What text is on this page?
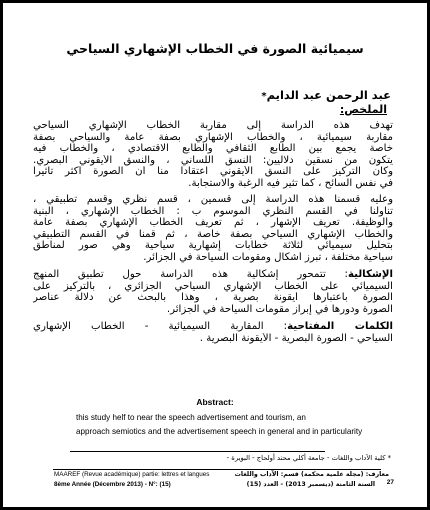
سيميائية الصورة في الخطاب الإشهاري السياحي
عبد الرحمن عبد الدايم*
الملخص:
تهدف هذه الدراسة إلى مقاربة الخطاب الإشهاري السياحي
مقاربة سيميائية ، والخطاب الإشهاري بصفة عامة والسياحي بصفة
خاصة يجمع بين الطابع الثقافي والطابع الاقتصادي ، والخطاب فيه
يتكون من نسقين دلاليين: النسق اللساني ، والنسق الأيقوني البصري.
وكان التركيز على النسق الأيقوني اعتقادا منا أن الصورة أكثر تأثيرا
في نفس السائح ، كما تثير فيه الرغبة والاستجابة.
وعليه قسمنا هذه الدراسة إلى قسمين ، قسم نظري وقسم تطبيقي ،
تناولنا في القسم النظري الموسوم ب : الخطاب الإشهاري ، البنية
والوظيفة. تعريف الإشهار ، ثم تعريف الخطاب الإشهاري بصفة عامة
والخطاب الإشهاري السياحي بصفة خاصة ، ثم قمنا في القسم التطبيقي
بتحليل سيميائي لثلاثة خطابات إشهارية سياحية وهي صور لمناطق
سياحية مختلفة ، تبرز أشكال ومقومات السياحة في الجزائر.
الإشكالية: تتمحور إشكالية هذه الدراسة حول تطبيق المنهج
السيميائي على الخطاب الإشهاري السياحي الجزائري ، بالتركيز على
الصورة باعتبارها أيقونة بصرية ، وهذا بالبحث عن دلالة عناصر
الصورة ودورها في إبراز مقومات السياحة في الجزائر.
الكلمات المفتاحية: المقاربة السيميائية - الخطاب الإشهاري
السياحي - الصورة البصرية - الأيقونة البصرية .
Abstract:
this study helf to near the speech advertisement and tourism, an
approach semiotics and the advertisement speech in general and in particularity
* كلية الآداب واللغات - جامعة أكلي محند أولحاج - البويرة -
MAAREF (Revue académique) partie: lettres et langues
8ème Année (Décembre 2013) - N°: (15)
معارف: (مجلة علمية محكمة) قسم: الآداب واللغات
السنة الثامنة (ديسمبر 2013) - العدد (15) 27
